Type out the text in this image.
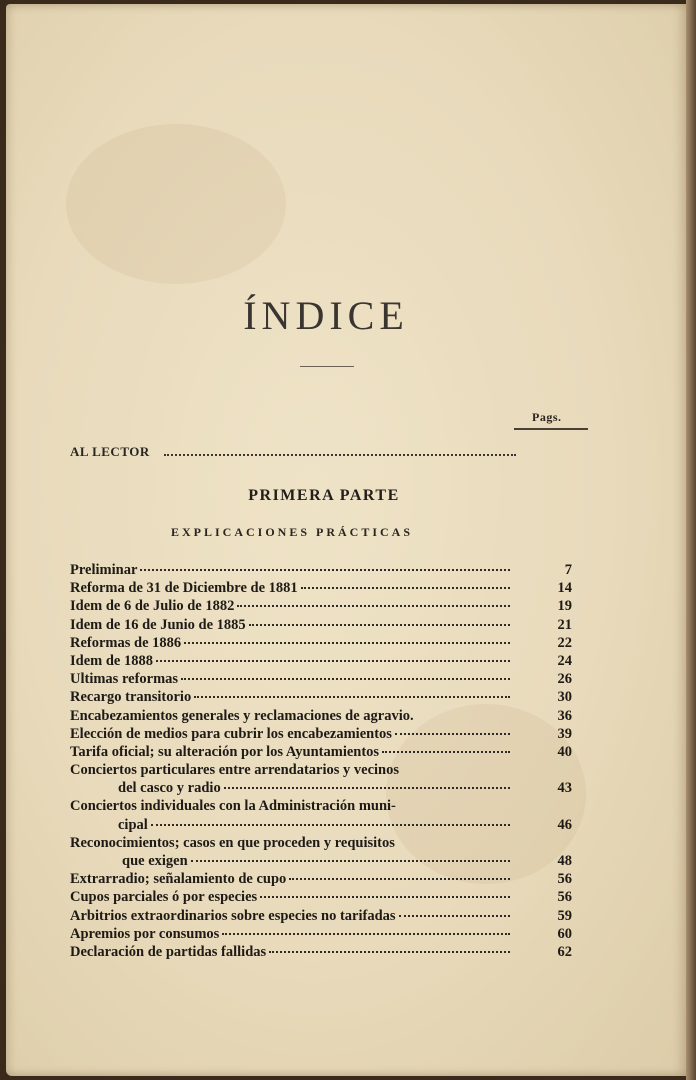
ÍNDICE
Pags.
AL LECTOR
PRIMERA PARTE
EXPLICACIONES PRÁCTICAS
Preliminar	7
Reforma de 31 de Diciembre de 1881	14
Idem de 6 de Julio de 1882	19
Idem de 16 de Junio de 1885	21
Reformas de 1886	22
Idem de 1888	24
Ultimas reformas	26
Recargo transitorio	30
Encabezamientos generales y reclamaciones de agravio.	36
Elección de medios para cubrir los encabezamientos	39
Tarifa oficial; su alteración por los Ayuntamientos	40
Conciertos particulares entre arrendatarios y vecinos
del casco y radio	43
Conciertos individuales con la Administración muni-
cipal	46
Reconocimientos; casos en que proceden y requisitos
que exigen	48
Extrarradio; señalamiento de cupo	56
Cupos parciales ó por especies	56
Arbitrios extraordinarios sobre especies no tarifadas	59
Apremios por consumos	60
Declaración de partidas fallidas	62
